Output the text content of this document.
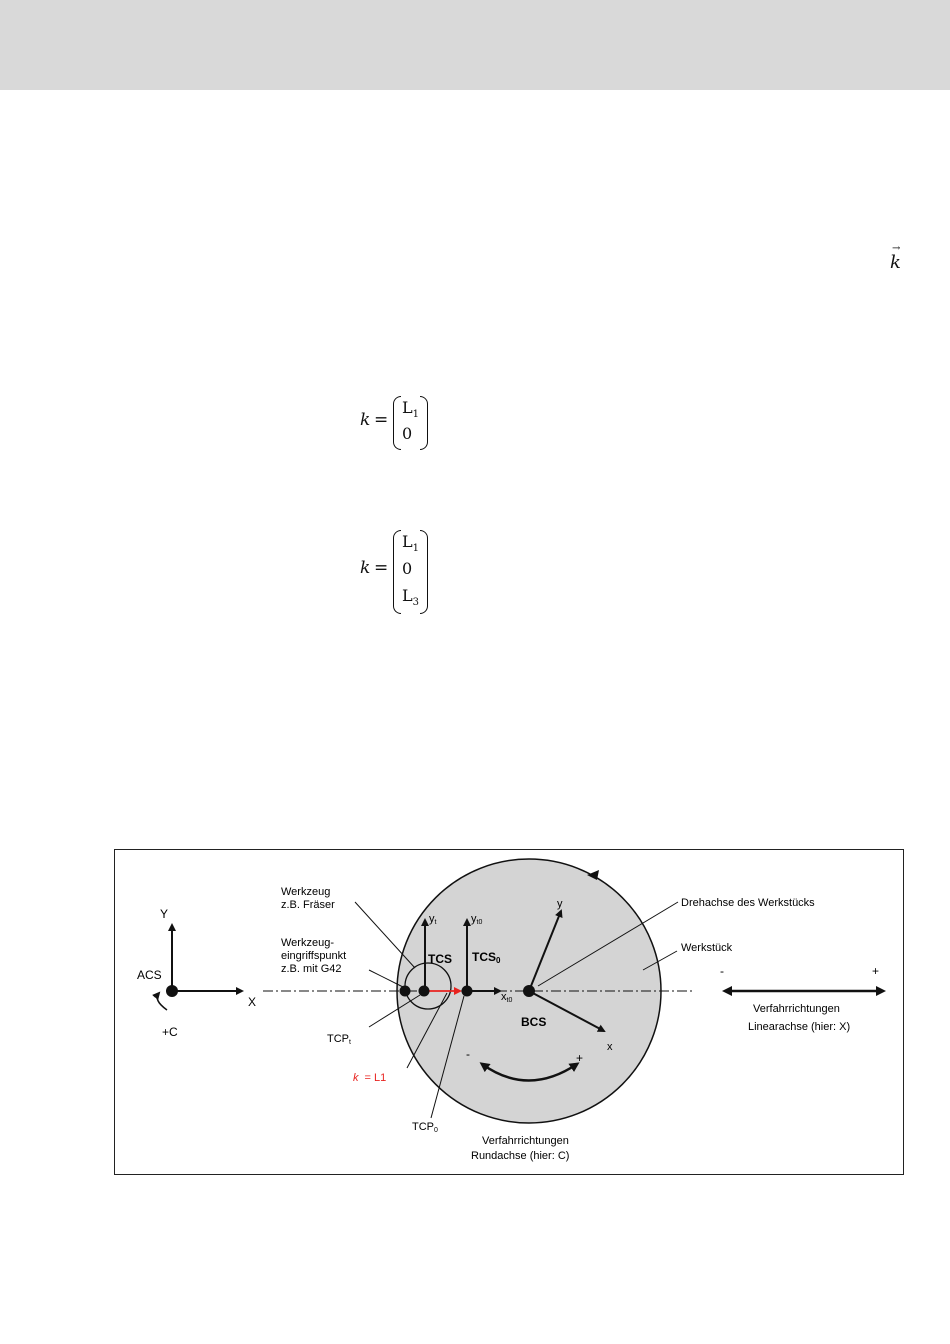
→
k
k =
$L_1$
0
k =
$L_1$
0
$L_3$
Y
ACS
X
+C
yt	yt0
TCS TCS0
xt0
Werkzeug
z.B. Fräser
Werkzeug-
eingriffspunkt
z.B. mit G42
TCPt
k = L1
TCP0
y
x
BCS
-	+
Verfahrrichtungen
Rundachse (hier: C)
Drehachse des Werkstücks
Werkstück
-	+
Verfahrrichtungen
Linearachse (hier: X)
